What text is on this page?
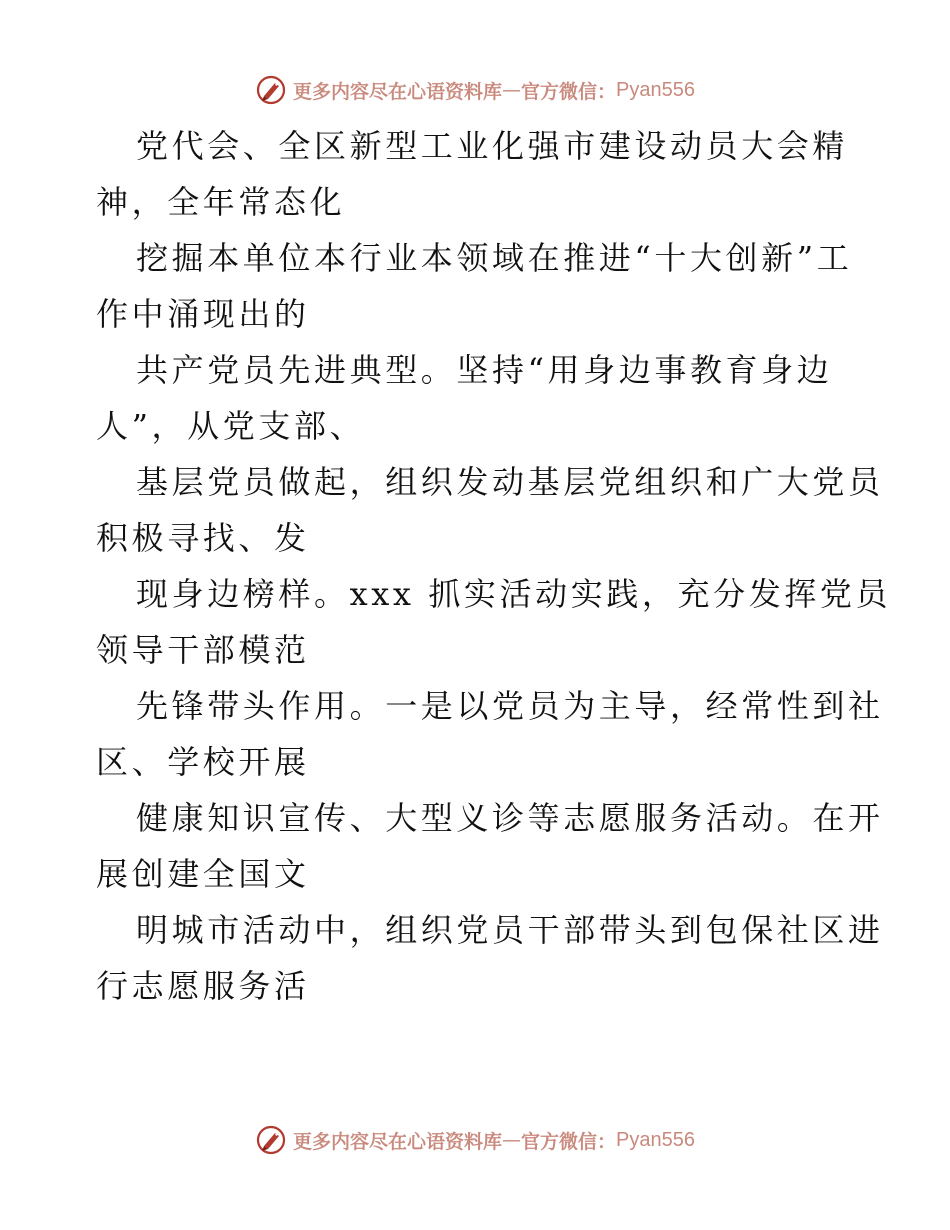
更多内容尽在心语资料库 — 官方微信： Pyan556
党代会、全区新型工业化强市建设动员大会精
神，全年常态化
挖掘本单位本行业本领域在推进“十大创新”工
作中涌现出的
共产党员先进典型。坚持“用身边事教育身边
人”，从党支部、
基层党员做起，组织发动基层党组织和广大党员
积极寻找、发
现身边榜样。xxx 抓实活动实践，充分发挥党员
领导干部模范
先锋带头作用。一是以党员为主导，经常性到社
区、学校开展
健康知识宣传、大型义诊等志愿服务活动。在开
展创建全国文
明城市活动中，组织党员干部带头到包保社区进
行志愿服务活
更多内容尽在心语资料库 — 官方微信： Pyan556
